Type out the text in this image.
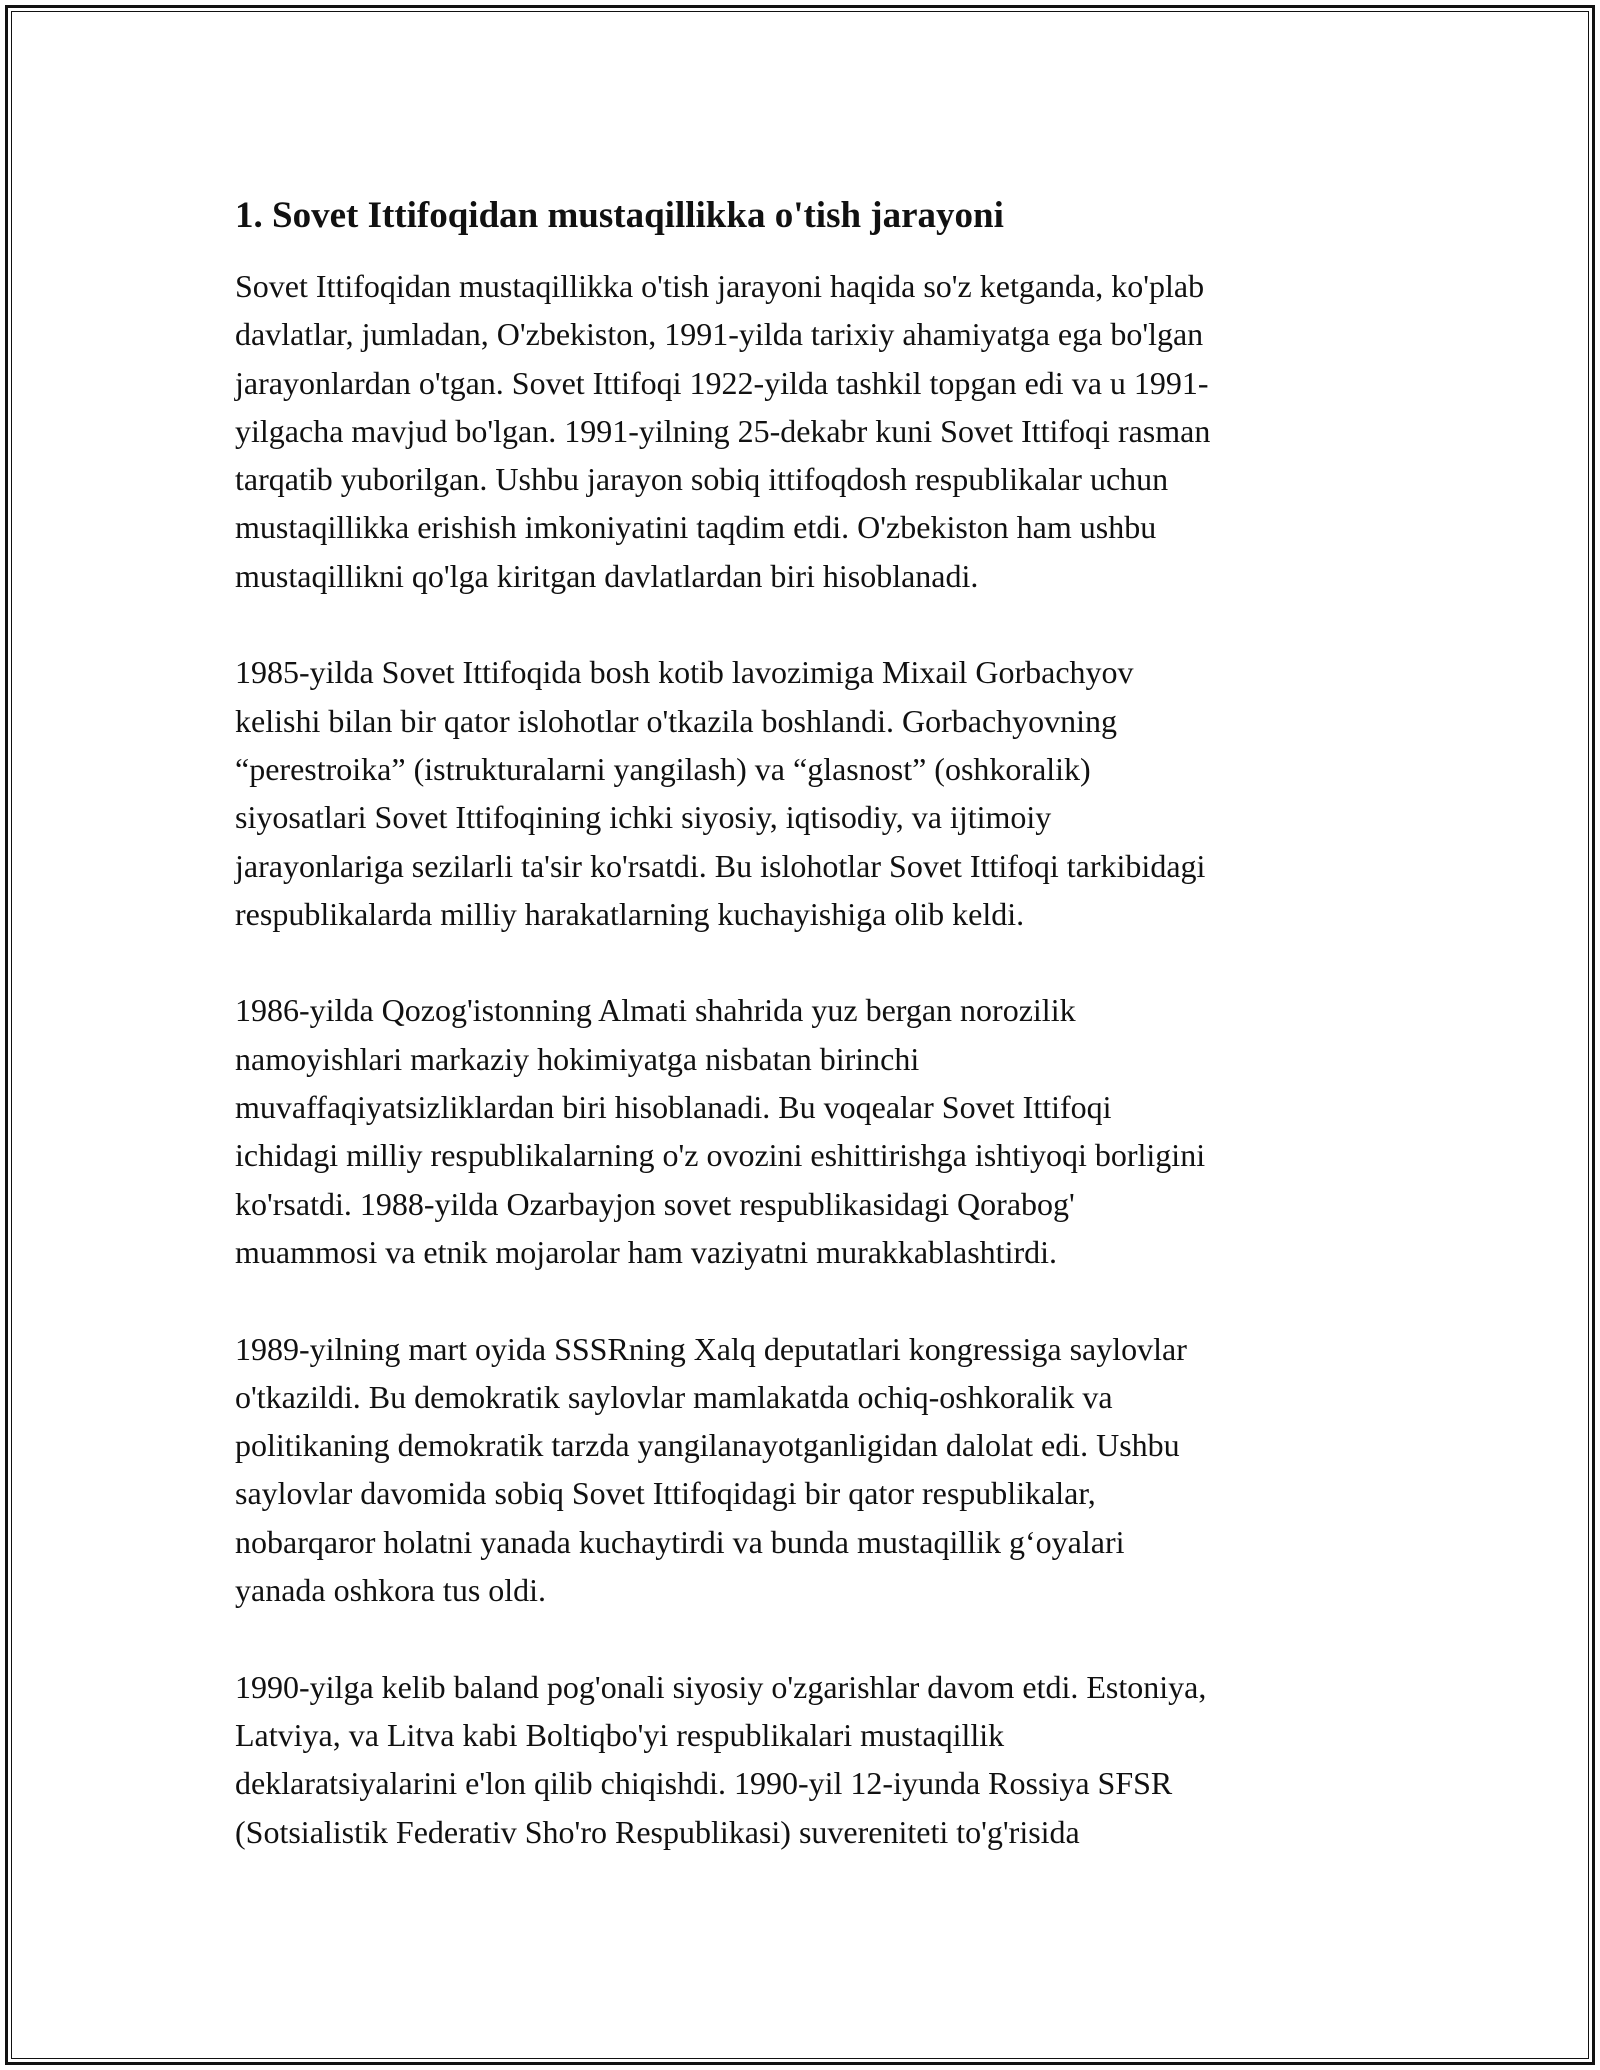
1. Sovet Ittifoqidan mustaqillikka o'tish jarayoni
Sovet Ittifoqidan mustaqillikka o'tish jarayoni haqida so'z ketganda, ko'plab
davlatlar, jumladan, O'zbekiston, 1991-yilda tarixiy ahamiyatga ega bo'lgan
jarayonlardan o'tgan. Sovet Ittifoqi 1922-yilda tashkil topgan edi va u 1991-
yilgacha mavjud bo'lgan. 1991-yilning 25-dekabr kuni Sovet Ittifoqi rasman
tarqatib yuborilgan. Ushbu jarayon sobiq ittifoqdosh respublikalar uchun
mustaqillikka erishish imkoniyatini taqdim etdi. O'zbekiston ham ushbu
mustaqillikni qo'lga kiritgan davlatlardan biri hisoblanadi.
1985-yilda Sovet Ittifoqida bosh kotib lavozimiga Mixail Gorbachyov
kelishi bilan bir qator islohotlar o'tkazila boshlandi. Gorbachyovning
“perestroika” (istrukturalarni yangilash) va “glasnost” (oshkoralik)
siyosatlari Sovet Ittifoqining ichki siyosiy, iqtisodiy, va ijtimoiy
jarayonlariga sezilarli ta'sir ko'rsatdi. Bu islohotlar Sovet Ittifoqi tarkibidagi
respublikalarda milliy harakatlarning kuchayishiga olib keldi.
1986-yilda Qozog'istonning Almati shahrida yuz bergan norozilik
namoyishlari markaziy hokimiyatga nisbatan birinchi
muvaffaqiyatsizliklardan biri hisoblanadi. Bu voqealar Sovet Ittifoqi
ichidagi milliy respublikalarning o'z ovozini eshittirishga ishtiyoqi borligini
ko'rsatdi. 1988-yilda Ozarbayjon sovet respublikasidagi Qorabog'
muammosi va etnik mojarolar ham vaziyatni murakkablashtirdi.
1989-yilning mart oyida SSSRning Xalq deputatlari kongressiga saylovlar
o'tkazildi. Bu demokratik saylovlar mamlakatda ochiq-oshkoralik va
politikaning demokratik tarzda yangilanayotganligidan dalolat edi. Ushbu
saylovlar davomida sobiq Sovet Ittifoqidagi bir qator respublikalar,
nobarqaror holatni yanada kuchaytirdi va bunda mustaqillik g‘oyalari
yanada oshkora tus oldi.
1990-yilga kelib baland pog'onali siyosiy o'zgarishlar davom etdi. Estoniya,
Latviya, va Litva kabi Boltiqbo'yi respublikalari mustaqillik
deklaratsiyalarini e'lon qilib chiqishdi. 1990-yil 12-iyunda Rossiya SFSR
(Sotsialistik Federativ Sho'ro Respublikasi) suvereniteti to'g'risida
